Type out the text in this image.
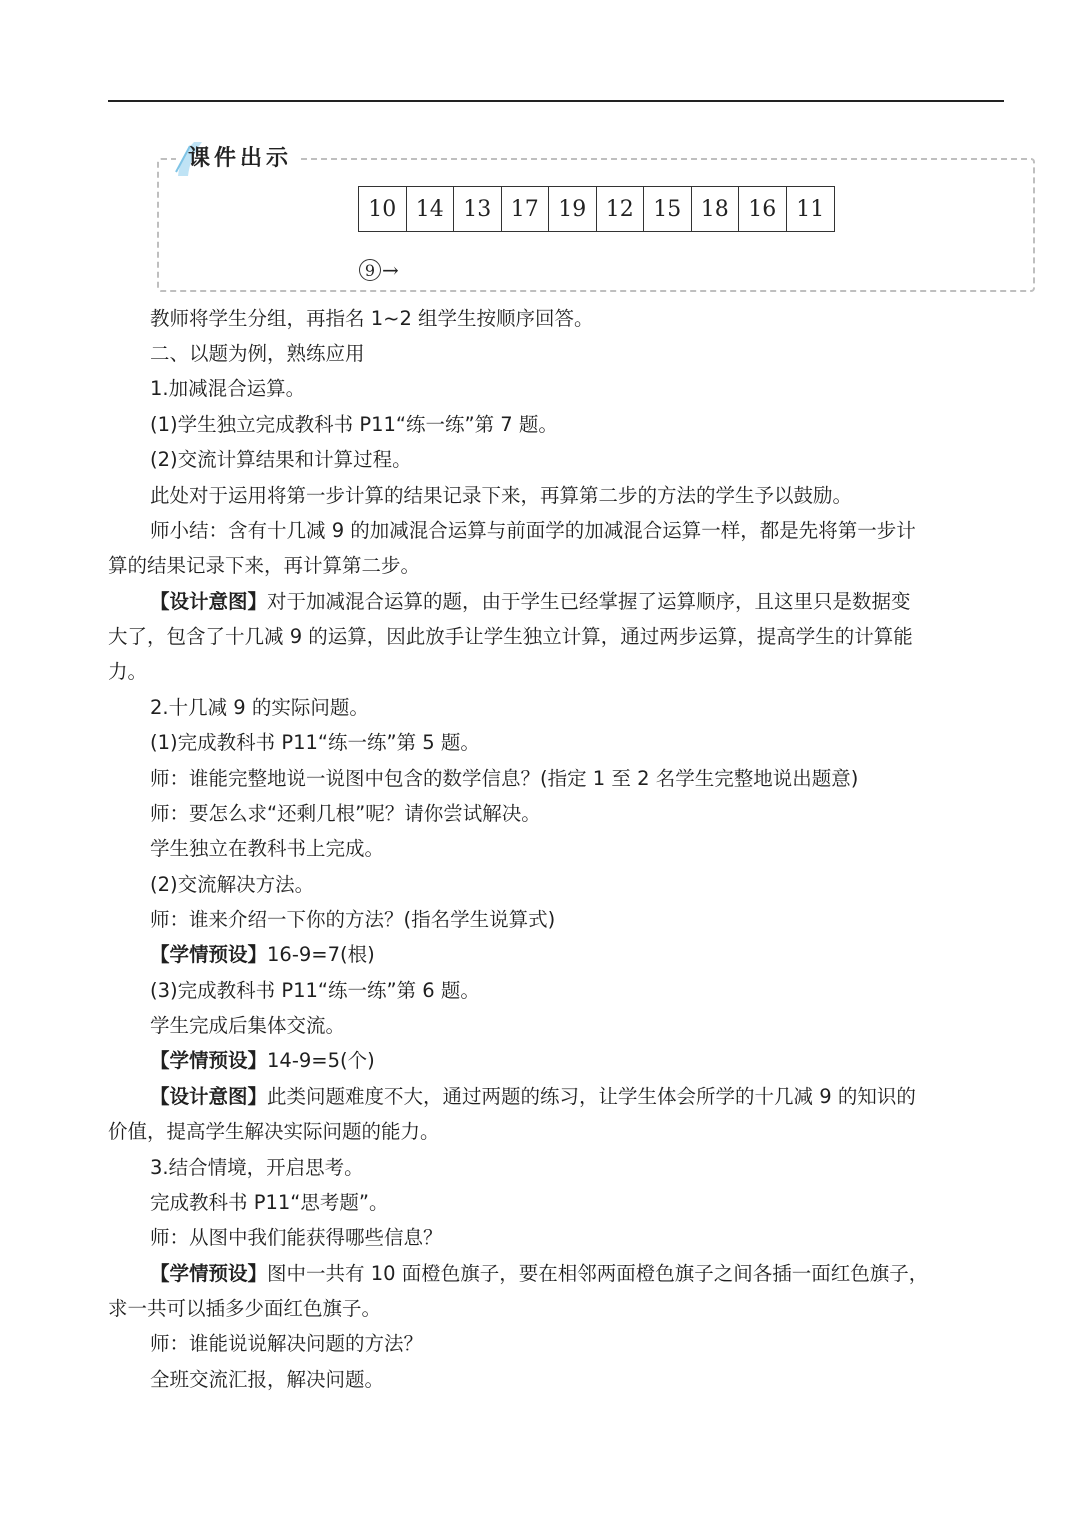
课件出示
10 14 13 17 19 12 15 18 16 11
9 →
教师将学生分组，再指名 1~2 组学生按顺序回答。
二、以题为例，熟练应用
1.加减混合运算。
(1)学生独立完成教科书 P11“练一练”第 7 题。
(2)交流计算结果和计算过程。
此处对于运用将第一步计算的结果记录下来，再算第二步的方法的学生予以鼓励。
师小结：含有十几减 9 的加减混合运算与前面学的加减混合运算一样，都是先将第一步计
算的结果记录下来，再计算第二步。
【设计意图】对于加减混合运算的题，由于学生已经掌握了运算顺序，且这里只是数据变
大了，包含了十几减 9 的运算，因此放手让学生独立计算，通过两步运算，提高学生的计算能
力。
2.十几减 9 的实际问题。
(1)完成教科书 P11“练一练”第 5 题。
师：谁能完整地说一说图中包含的数学信息？(指定 1 至 2 名学生完整地说出题意)
师：要怎么求“还剩几根”呢？请你尝试解决。
学生独立在教科书上完成。
(2)交流解决方法。
师：谁来介绍一下你的方法？(指名学生说算式)
【学情预设】16-9=7(根)
(3)完成教科书 P11“练一练”第 6 题。
学生完成后集体交流。
【学情预设】14-9=5(个)
【设计意图】此类问题难度不大，通过两题的练习，让学生体会所学的十几减 9 的知识的
价值，提高学生解决实际问题的能力。
3.结合情境，开启思考。
完成教科书 P11“思考题”。
师：从图中我们能获得哪些信息？
【学情预设】图中一共有 10 面橙色旗子，要在相邻两面橙色旗子之间各插一面红色旗子，
求一共可以插多少面红色旗子。
师：谁能说说解决问题的方法？
全班交流汇报，解决问题。
